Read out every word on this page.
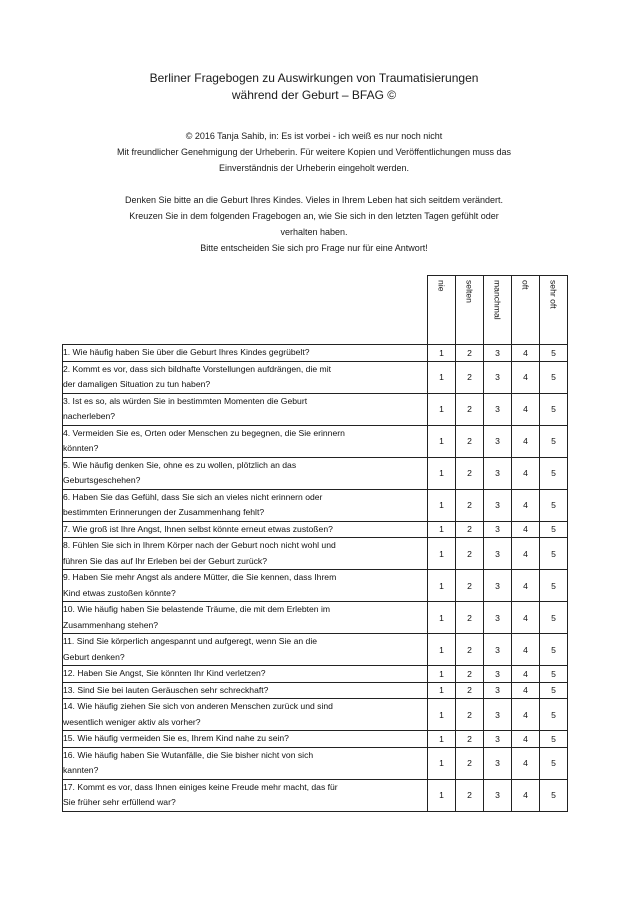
Berliner Fragebogen zu Auswirkungen von Traumatisierungen
während der Geburt – BFAG ©
© 2016 Tanja Sahib, in: Es ist vorbei - ich weiß es nur noch nicht
Mit freundlicher Genehmigung der Urheberin. Für weitere Kopien und Veröffentlichungen muss das
Einverständnis der Urheberin eingeholt werden.
Denken Sie bitte an die Geburt Ihres Kindes. Vieles in Ihrem Leben hat sich seitdem verändert.
Kreuzen Sie in dem folgenden Fragebogen an, wie Sie sich in den letzten Tagen gefühlt oder
verhalten haben.
Bitte entscheiden Sie sich pro Frage nur für eine Antwort!
	nie	selten	manchmal	oft	sehr oft

1. Wie häufig haben Sie über die Geburt Ihres Kindes gegrübelt?	1	2	3	4	5

2. Kommt es vor, dass sich bildhafte Vorstellungen aufdrängen, die mit
der damaligen Situation zu tun haben?	1	2	3	4	5

3. Ist es so, als würden Sie in bestimmten Momenten die Geburt
nacherleben?	1	2	3	4	5

4. Vermeiden Sie es, Orten oder Menschen zu begegnen, die Sie erinnern
könnten?	1	2	3	4	5

5. Wie häufig denken Sie, ohne es zu wollen, plötzlich an das
Geburtsgeschehen?	1	2	3	4	5

6. Haben Sie das Gefühl, dass Sie sich an vieles nicht erinnern oder
bestimmten Erinnerungen der Zusammenhang fehlt?	1	2	3	4	5

7. Wie groß ist Ihre Angst, Ihnen selbst könnte erneut etwas zustoßen?	1	2	3	4	5

8. Fühlen Sie sich in Ihrem Körper nach der Geburt noch nicht wohl und
führen Sie das auf Ihr Erleben bei der Geburt zurück?	1	2	3	4	5

9. Haben Sie mehr Angst als andere Mütter, die Sie kennen, dass Ihrem
Kind etwas zustoßen könnte?	1	2	3	4	5

10. Wie häufig haben Sie belastende Träume, die mit dem Erlebten im
Zusammenhang stehen?	1	2	3	4	5

11. Sind Sie körperlich angespannt und aufgeregt, wenn Sie an die
Geburt denken?	1	2	3	4	5

12. Haben Sie Angst, Sie könnten Ihr Kind verletzen?	1	2	3	4	5

13. Sind Sie bei lauten Geräuschen sehr schreckhaft?	1	2	3	4	5

14. Wie häufig ziehen Sie sich von anderen Menschen zurück und sind
wesentlich weniger aktiv als vorher?	1	2	3	4	5

15. Wie häufig vermeiden Sie es, Ihrem Kind nahe zu sein?	1	2	3	4	5

16. Wie häufig haben Sie Wutanfälle, die Sie bisher nicht von sich
kannten?	1	2	3	4	5

17. Kommt es vor, dass Ihnen einiges keine Freude mehr macht, das für
Sie früher sehr erfüllend war?	1	2	3	4	5
